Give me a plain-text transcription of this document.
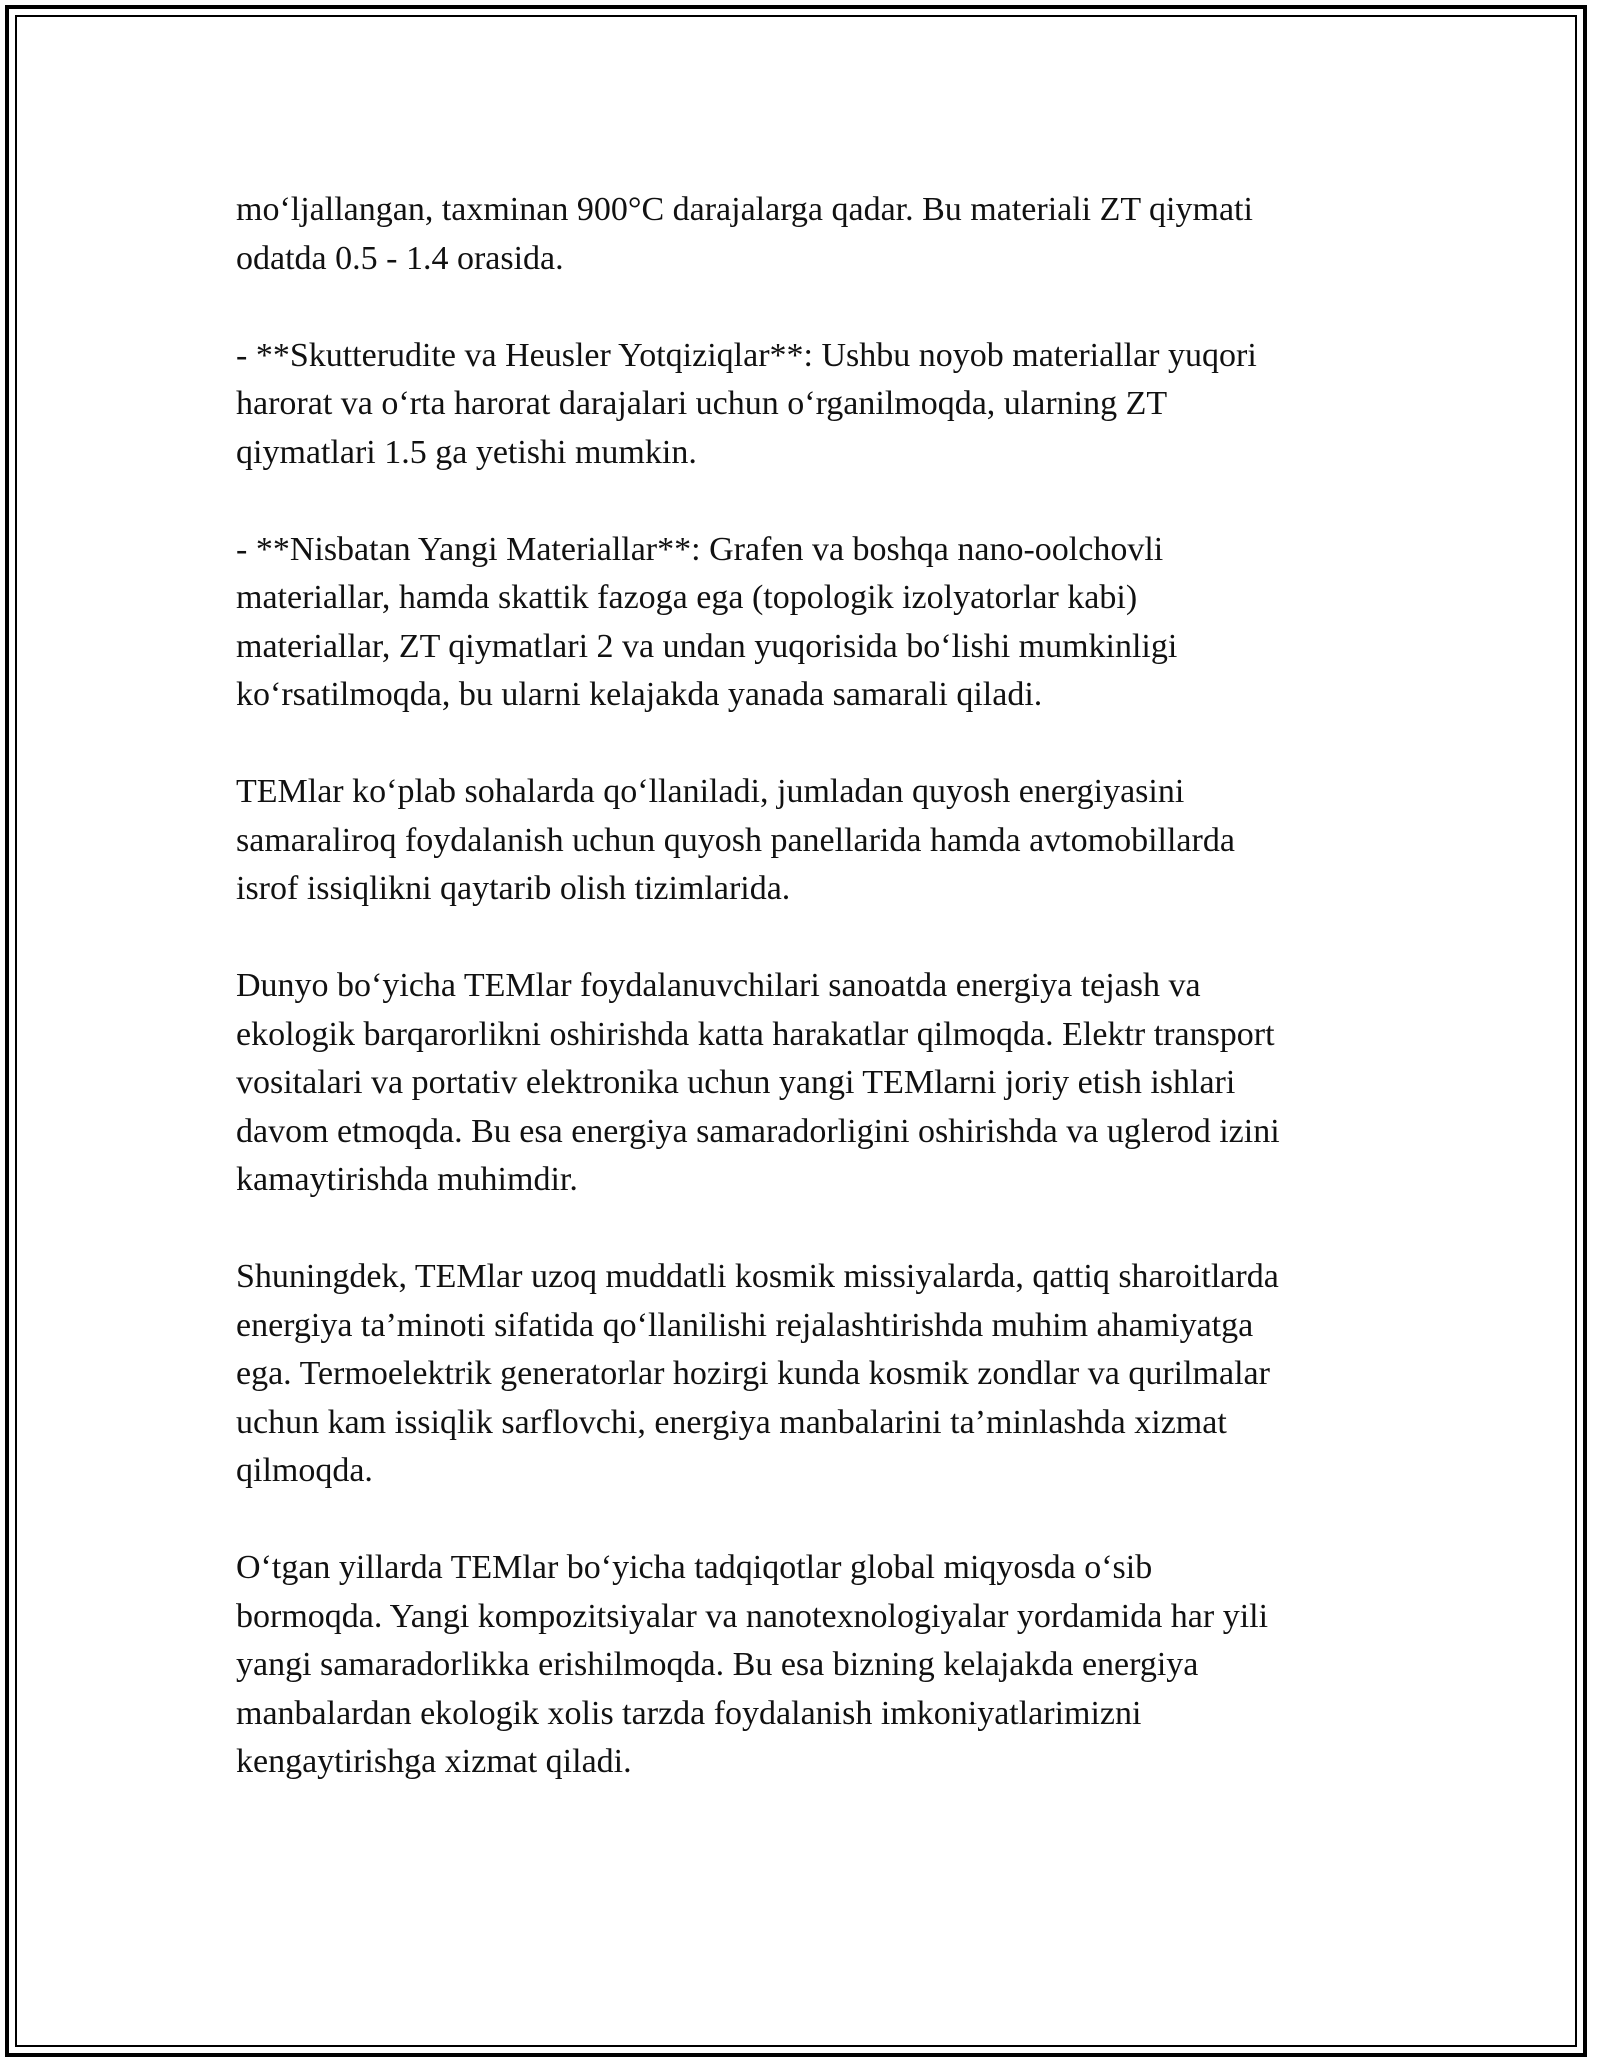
mo‘ljallangan, taxminan 900°C darajalarga qadar. Bu materiali ZT qiymati
odatda 0.5 - 1.4 orasida.

- **Skutterudite va Heusler Yotqiziqlar**: Ushbu noyob materiallar yuqori
harorat va o‘rta harorat darajalari uchun o‘rganilmoqda, ularning ZT
qiymatlari 1.5 ga yetishi mumkin.

- **Nisbatan Yangi Materiallar**: Grafen va boshqa nano-oolchovli
materiallar, hamda skattik fazoga ega (topologik izolyatorlar kabi)
materiallar, ZT qiymatlari 2 va undan yuqorisida bo‘lishi mumkinligi
ko‘rsatilmoqda, bu ularni kelajakda yanada samarali qiladi.

TEMlar ko‘plab sohalarda qo‘llaniladi, jumladan quyosh energiyasini
samaraliroq foydalanish uchun quyosh panellarida hamda avtomobillarda
isrof issiqlikni qaytarib olish tizimlarida.

Dunyo bo‘yicha TEMlar foydalanuvchilari sanoatda energiya tejash va
ekologik barqarorlikni oshirishda katta harakatlar qilmoqda. Elektr transport
vositalari va portativ elektronika uchun yangi TEMlarni joriy etish ishlari
davom etmoqda. Bu esa energiya samaradorligini oshirishda va uglerod izini
kamaytirishda muhimdir.

Shuningdek, TEMlar uzoq muddatli kosmik missiyalarda, qattiq sharoitlarda
energiya ta’minoti sifatida qo‘llanilishi rejalashtirishda muhim ahamiyatga
ega. Termoelektrik generatorlar hozirgi kunda kosmik zondlar va qurilmalar
uchun kam issiqlik sarflovchi, energiya manbalarini ta’minlashda xizmat
qilmoqda.

O‘tgan yillarda TEMlar bo‘yicha tadqiqotlar global miqyosda o‘sib
bormoqda. Yangi kompozitsiyalar va nanotexnologiyalar yordamida har yili
yangi samaradorlikka erishilmoqda. Bu esa bizning kelajakda energiya
manbalardan ekologik xolis tarzda foydalanish imkoniyatlarimizni
kengaytirishga xizmat qiladi.
